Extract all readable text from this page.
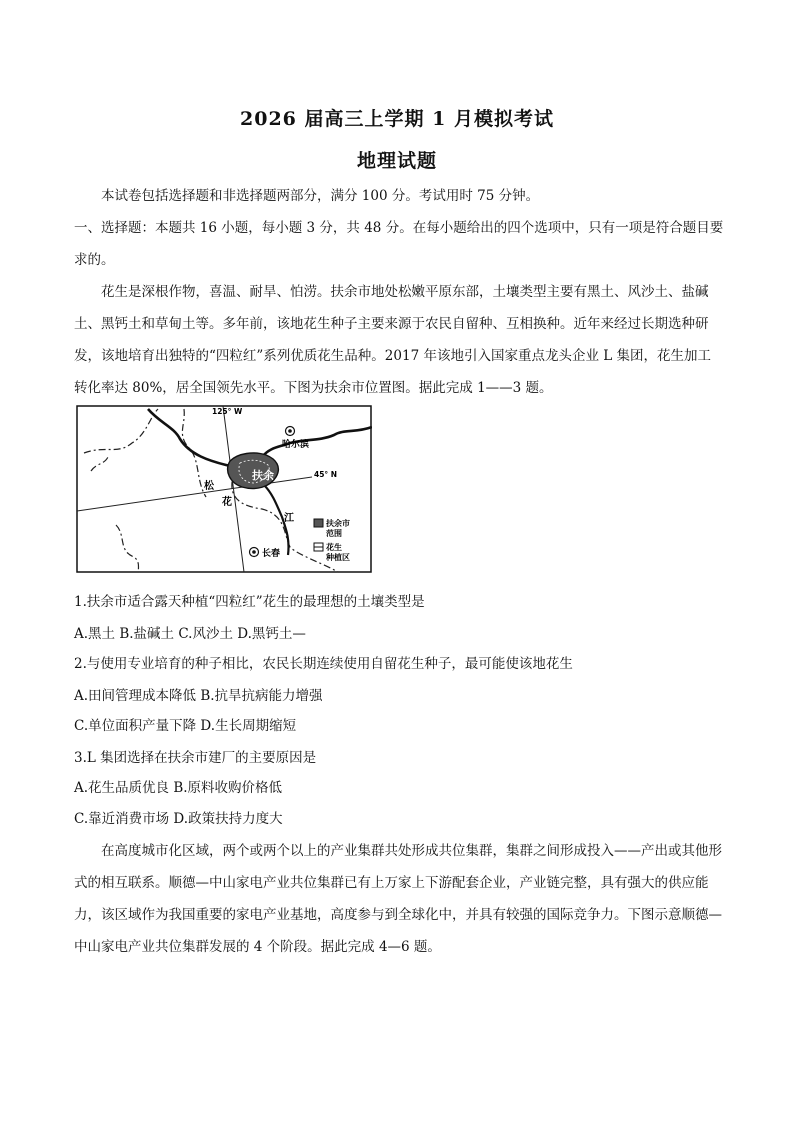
2026 届高三上学期 1 月模拟考试
地理试题
本试卷包括选择题和非选择题两部分，满分 100 分。考试用时 75 分钟。
一、选择题：本题共 16 小题，每小题 3 分，共 48 分。在每小题给出的四个选项中，只有一项是符合题目要求的。
花生是深根作物，喜温、耐旱、怕涝。扶余市地处松嫩平原东部，土壤类型主要有黑土、风沙土、盐碱土、黑钙土和草甸土等。多年前，该地花生种子主要来源于农民自留种、互相换种。近年来经过长期选种研发，该地培育出独特的“四粒红”系列优质花生品种。2017 年该地引入国家重点龙头企业 L 集团，花生加工转化率达 80%，居全国领先水平。下图为扶余市位置图。据此完成 1——3 题。
扶余
125° W
45° N
哈尔滨
长春
松
花
江	扶余市
范围
花生
种植区
1.扶余市适合露天种植“四粒红”花生的最理想的土壤类型是
A.黑土 B.盐碱土 C.风沙土 D.黑钙土—
2.与使用专业培育的种子相比，农民长期连续使用自留花生种子，最可能使该地花生
A.田间管理成本降低 B.抗旱抗病能力增强
C.单位面积产量下降 D.生长周期缩短
3.L 集团选择在扶余市建厂的主要原因是
A.花生品质优良 B.原料收购价格低
C.靠近消费市场 D.政策扶持力度大
在高度城市化区域，两个或两个以上的产业集群共处形成共位集群，集群之间形成投入——产出或其他形式的相互联系。顺德—中山家电产业共位集群已有上万家上下游配套企业，产业链完整，具有强大的供应能力，该区域作为我国重要的家电产业基地，高度参与到全球化中，并具有较强的国际竞争力。下图示意顺德—中山家电产业共位集群发展的 4 个阶段。据此完成 4—6 题。
